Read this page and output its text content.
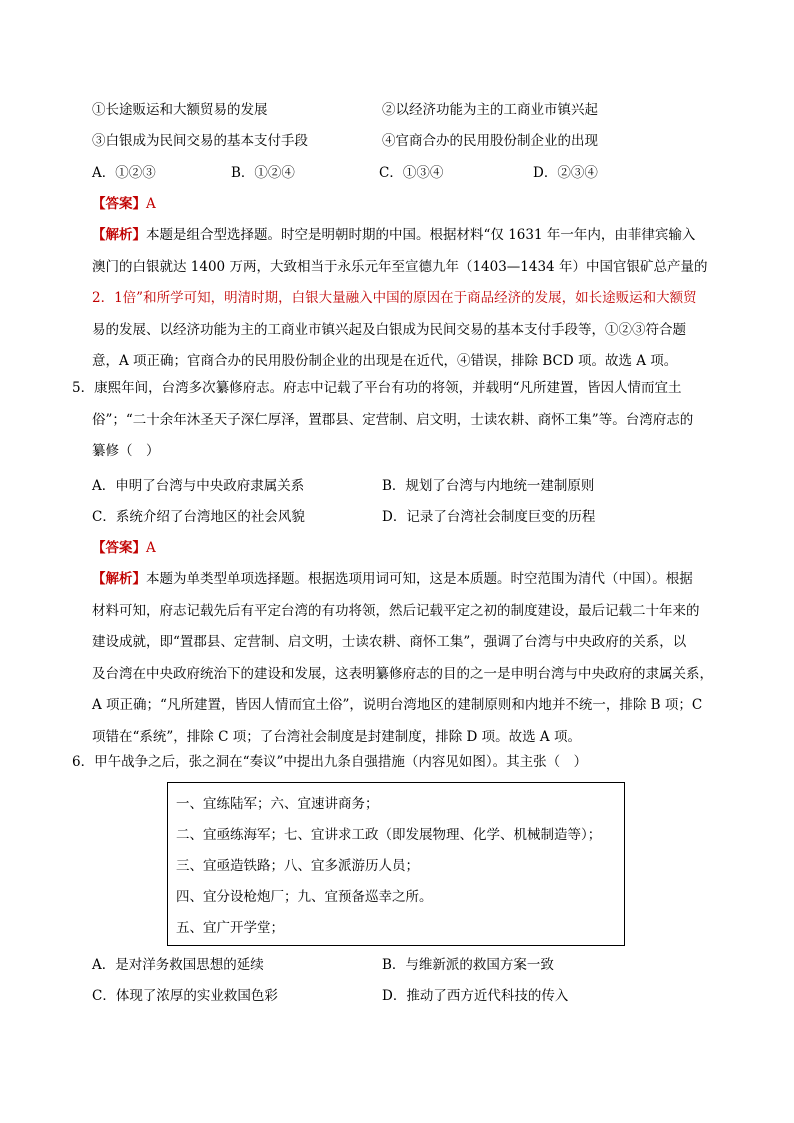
①长途贩运和大额贸易的发展	②以经济功能为主的工商业市镇兴起
③白银成为民间交易的基本支付手段	④官商合办的民用股份制企业的出现
A．①②③	B．①②④	C．①③④	D．②③④
【答案】A
【解析】本题是组合型选择题。时空是明朝时期的中国。根据材料“仅 1631 年一年内，由菲律宾输入
澳门的白银就达 1400 万两，大致相当于永乐元年至宣德九年（1403—1434 年）中国官银矿总产量的
2．1倍”和所学可知，明清时期，白银大量融入中国的原因在于商品经济的发展，如长途贩运和大额贸
易的发展、以经济功能为主的工商业市镇兴起及白银成为民间交易的基本支付手段等，①②③符合题
意，A 项正确；官商合办的民用股份制企业的出现是在近代，④错误，排除 BCD 项。故选 A 项。
5．康熙年间，台湾多次纂修府志。府志中记载了平台有功的将领，并载明“凡所建置，皆因人情而宜土
俗”；“二十余年沐圣天子深仁厚泽，置郡县、定营制、启文明，士读农耕、商怀工集”等。台湾府志的
纂修（　）
A．申明了台湾与中央政府隶属关系	B．规划了台湾与内地统一建制原则
C．系统介绍了台湾地区的社会风貌	D．记录了台湾社会制度巨变的历程
【答案】A
【解析】本题为单类型单项选择题。根据选项用词可知，这是本质题。时空范围为清代（中国）。根据
材料可知，府志记载先后有平定台湾的有功将领，然后记载平定之初的制度建设，最后记载二十年来的
建设成就，即“置郡县、定营制、启文明，士读农耕、商怀工集”，强调了台湾与中央政府的关系，以
及台湾在中央政府统治下的建设和发展，这表明纂修府志的目的之一是申明台湾与中央政府的隶属关系，
A 项正确；“凡所建置，皆因人情而宜土俗”，说明台湾地区的建制原则和内地并不统一，排除 B 项；C
项错在“系统”，排除 C 项；了台湾社会制度是封建制度，排除 D 项。故选 A 项。
6．甲午战争之后，张之洞在“奏议”中提出九条自强措施（内容见如图）。其主张（　）
一、宜练陆军；六、宜速讲商务；
二、宜亟练海军；七、宜讲求工政（即发展物理、化学、机械制造等）；
三、宜亟造铁路；八、宜多派游历人员；
四、宜分设枪炮厂；九、宜预备巡幸之所。
五、宜广开学堂；
A．是对洋务救国思想的延续	B．与维新派的救国方案一致
C．体现了浓厚的实业救国色彩	D．推动了西方近代科技的传入
